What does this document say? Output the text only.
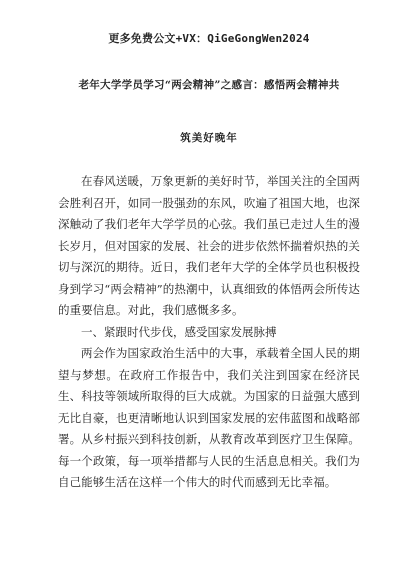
更多免费公文+VX：QiGeGongWen2024
老年大学学员学习“两会精神”之感言：感悟两会精神共
筑美好晚年

在春风送暖，万象更新的美好时节，举国关注的全国两会胜利召开，如同一股强劲的东风，吹遍了祖国大地，也深深触动了我们老年大学学员的心弦。我们虽已走过人生的漫长岁月，但对国家的发展、社会的进步依然怀揣着炽热的关切与深沉的期待。近日，我们老年大学的全体学员也积极投身到学习“两会精神”的热潮中，认真细致的体悟两会所传达的重要信息。对此，我们感慨多多。

一、紧跟时代步伐，感受国家发展脉搏

两会作为国家政治生活中的大事，承载着全国人民的期望与梦想。在政府工作报告中，我们关注到国家在经济民生、科技等领域所取得的巨大成就。为国家的日益强大感到无比自豪，也更清晰地认识到国家发展的宏伟蓝图和战略部署。从乡村振兴到科技创新，从教育改革到医疗卫生保障。每一个政策，每一项举措都与人民的生活息息相关。我们为自己能够生活在这样一个伟大的时代而感到无比幸福。
